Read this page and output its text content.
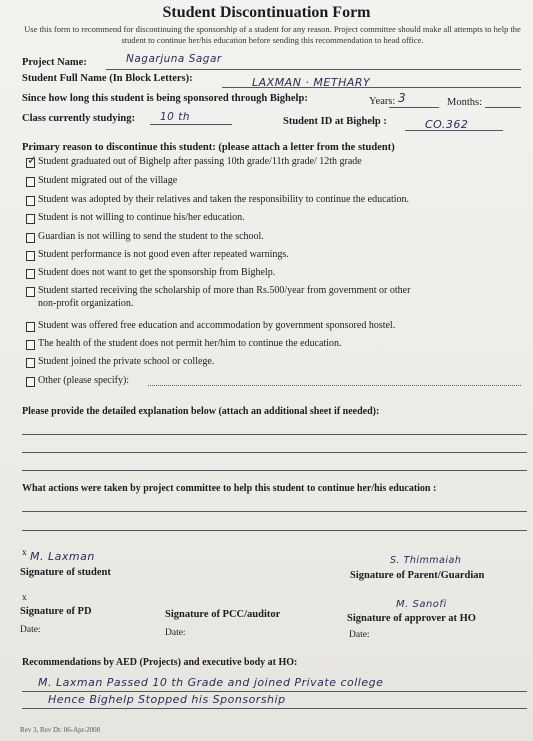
Student Discontinuation Form
Use this form to recommend for discontinuing the sponsorship of a student for any reason. Project committee should make all attempts to help the student to continue her/his education before sending this recommendation to head office.
Project Name:	Nagarjuna Sagar
Student Full Name (In Block Letters):	LAXMAN · METHARY
Since how long this student is being sponsored through Bighelp:	Years: 3	Months:
Class currently studying: 10 th	Student ID at Bighelp :	CO.362
Primary reason to discontinue this student: (please attach a letter from the student)
✓ Student graduated out of Bighelp after passing 10th grade/11th grade/ 12th grade
Student migrated out of the village
Student was adopted by their relatives and taken the responsibility to continue the education.
Student is not willing to continue his/her education.
Guardian is not willing to send the student to the school.
Student performance is not good even after repeated warnings.
Student does not want to get the sponsorship from Bighelp.
Student started receiving the scholarship of more than Rs.500/year from government or other
non-profit organization.
Student was offered free education and accommodation by government sponsored hostel.
The health of the student does not permit her/him to continue the education.
Student joined the private school or college.
Other (please specify):
Please provide the detailed explanation below (attach an additional sheet if needed):
What actions were taken by project committee to help this student to continue her/his education :
x M. Laxman
Signature of student
S. Thimmaiah
Signature of Parent/Guardian
x
Signature of PD	Signature of PCC/auditor
M. Sanofi
Signature of approver at HO
Date:	Date:	Date:
Recommendations by AED (Projects) and executive body at HO:
M. Laxman Passed 10 th Grade and joined Private college
Hence Bighelp Stopped his Sponsorship
Rev 3, Rev Dt: 06-Apr-2008
